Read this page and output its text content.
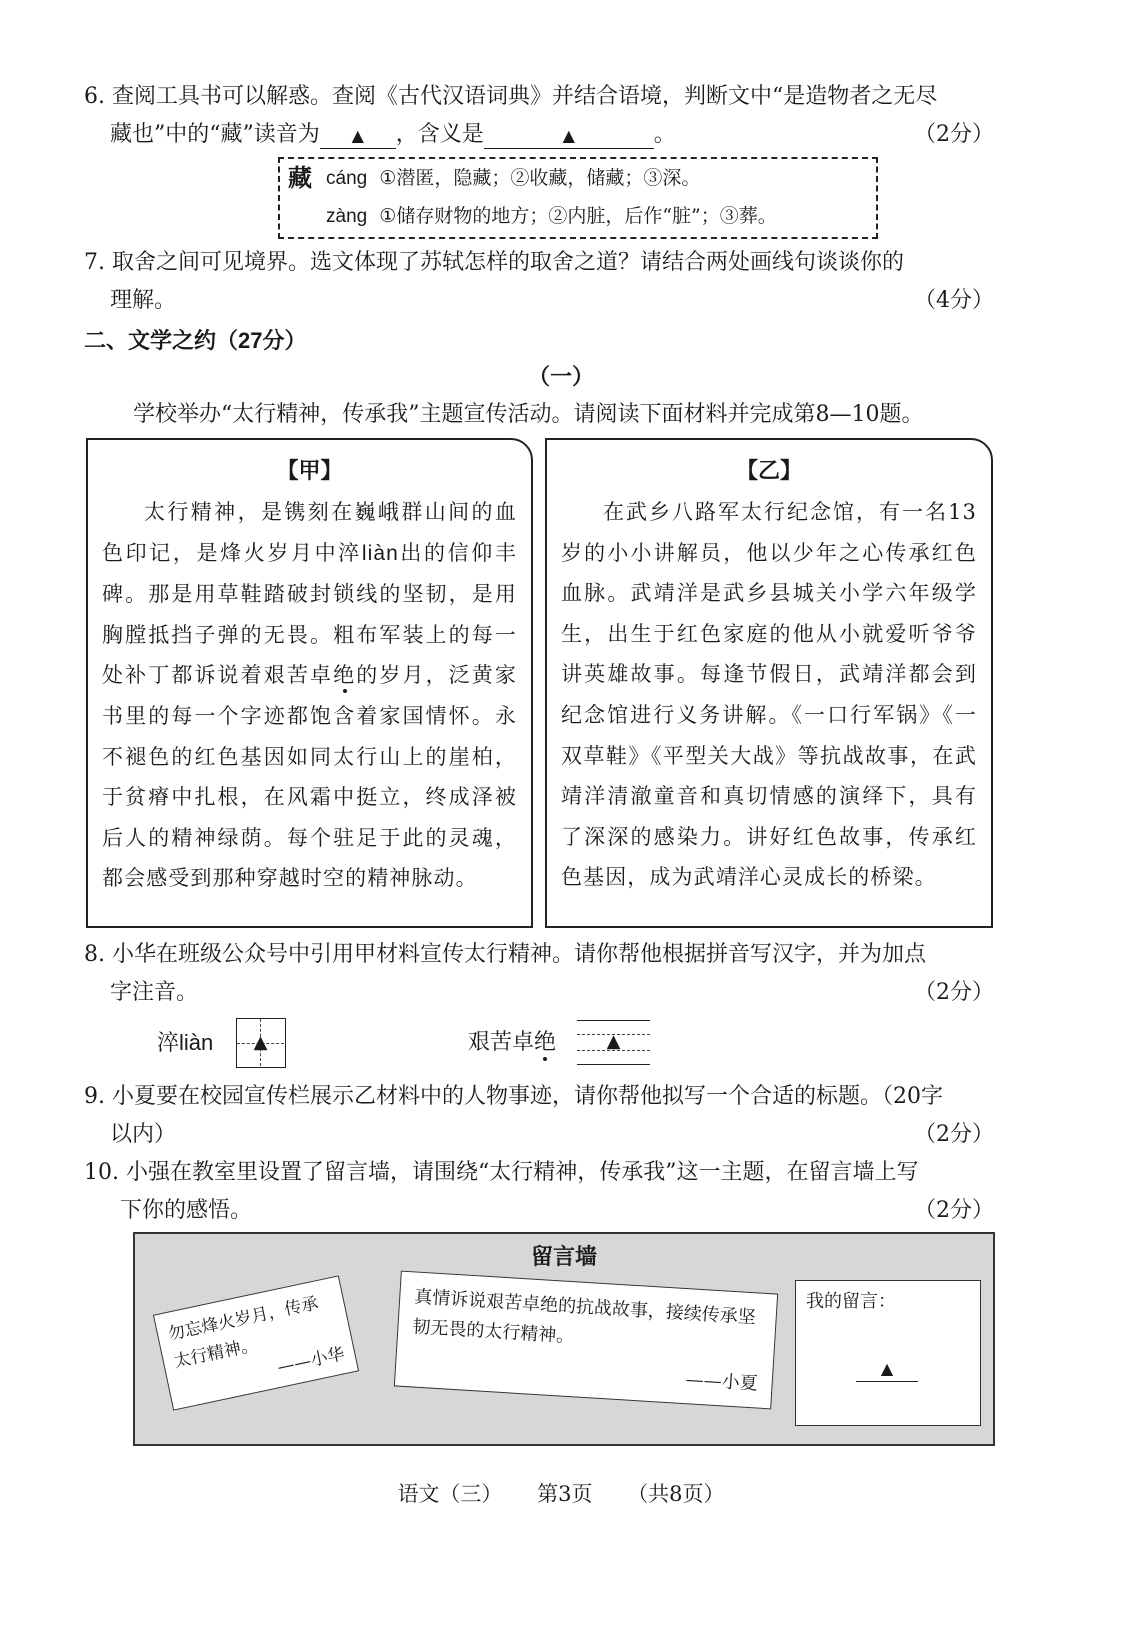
6. 查阅工具书可以解惑。查阅《古代汉语词典》并结合语境，判断文中“是造物者之无尽
藏也”中的“藏”读音为 ▲ ，含义是	▲	。	（2分）
藏 cáng ①潜匿，隐藏；②收藏，储藏；③深。
zàng ①储存财物的地方；②内脏，后作“脏”；③葬。
7. 取舍之间可见境界。选文体现了苏轼怎样的取舍之道？请结合两处画线句谈谈你的
理解。	（4分）
二、文学之约（27分）
（一）
学校举办“太行精神，传承我”主题宣传活动。请阅读下面材料并完成第8—10题。
【甲】

太行精神，是镌刻在巍峨群山间的血色印记，是烽火岁月中淬liàn出的信仰丰碑。那是用草鞋踏破封锁线的坚韧，是用胸膛抵挡子弹的无畏。粗布军装上的每一处补丁都诉说着艰苦卓绝的岁月，泛黄家书里的每一个字迹都饱含着家国情怀。永不褪色的红色基因如同太行山上的崖柏，于贫瘠中扎根，在风霜中挺立，终成泽被后人的精神绿荫。每个驻足于此的灵魂，都会感受到那种穿越时空的精神脉动。

【乙】

在武乡八路军太行纪念馆，有一名13岁的小小讲解员，他以少年之心传承红色血脉。武靖洋是武乡县城关小学六年级学生，出生于红色家庭的他从小就爱听爷爷讲英雄故事。每逢节假日，武靖洋都会到纪念馆进行义务讲解。《一口行军锅》《一双草鞋》《平型关大战》等抗战故事，在武靖洋清澈童音和真切情感的演绎下，具有了深深的感染力。讲好红色故事，传承红色基因，成为武靖洋心灵成长的桥梁。

8. 小华在班级公众号中引用甲材料宣传太行精神。请你帮他根据拼音写汉字，并为加点
字注音。	（2分）
淬liàn	▲	艰苦卓绝	▲
9. 小夏要在校园宣传栏展示乙材料中的人物事迹，请你帮他拟写一个合适的标题。（20字
以内）	（2分）
10. 小强在教室里设置了留言墙，请围绕“太行精神，传承我”这一主题，在留言墙上写
下你的感悟。	（2分）
留言墙
勿忘烽火岁月，传承太行精神。 ——小华
真情诉说艰苦卓绝的抗战故事，接续传承坚韧无畏的太行精神。
——小夏
我的留言：
▲
语文（三） 第3页 （共8页）
